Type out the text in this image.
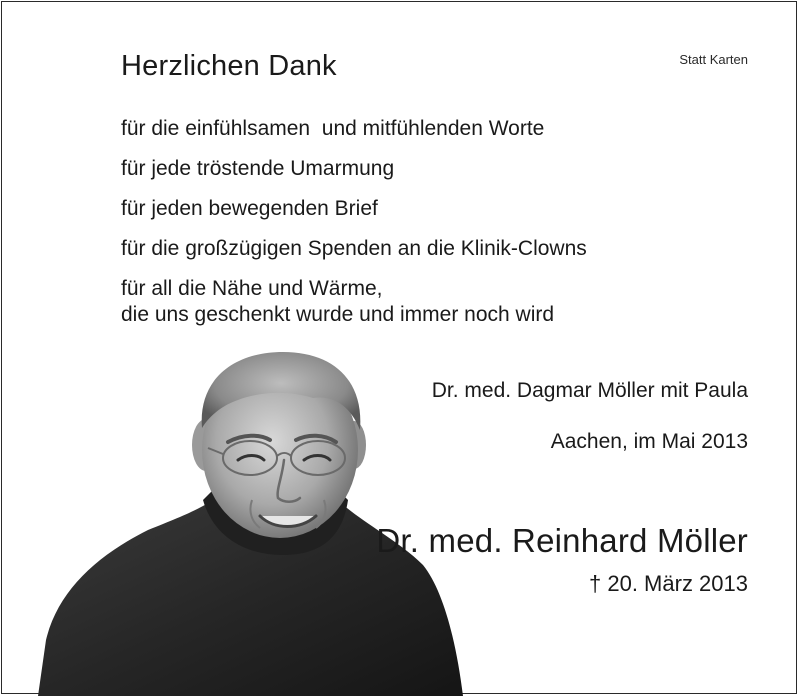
Herzlichen Dank	Statt Karten
für die einfühlsamen  und mitfühlenden Worte
für jede tröstende Umarmung
für jeden bewegenden Brief
für die großzügigen Spenden an die Klinik-Clowns
für all die Nähe und Wärme,
die uns geschenkt wurde und immer noch wird
Dr. med. Dagmar Möller mit Paula
Aachen, im Mai 2013
Dr. med. Reinhard Möller
† 20. März 2013
